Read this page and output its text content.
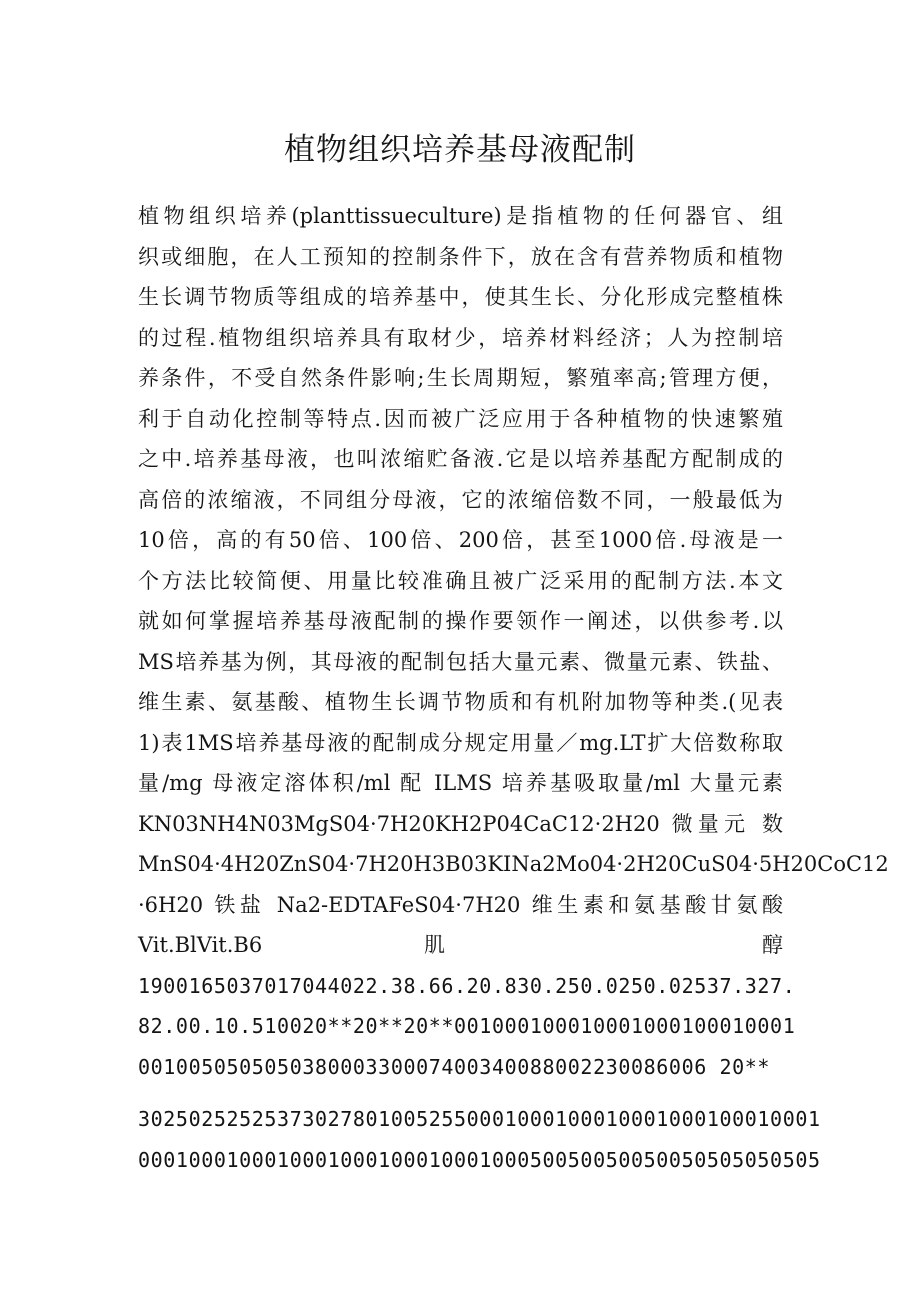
植物组织培养基母液配制
植物组织培养(planttissueculture)是指植物的任何器官、组
织或细胞，在人工预知的控制条件下，放在含有营养物质和植物
生长调节物质等组成的培养基中，使其生长、分化形成完整植株
的过程.植物组织培养具有取材少，培养材料经济；人为控制培
养条件，不受自然条件影响;生长周期短，繁殖率高;管理方便，
利于自动化控制等特点.因而被广泛应用于各种植物的快速繁殖
之中.培养基母液，也叫浓缩贮备液.它是以培养基配方配制成的
高倍的浓缩液，不同组分母液，它的浓缩倍数不同，一般最低为
10倍，高的有50倍、100倍、200倍，甚至1000倍.母液是一
个方法比较简便、用量比较准确且被广泛采用的配制方法.本文
就如何掌握培养基母液配制的操作要领作一阐述，以供参考.以
MS培养基为例，其母液的配制包括大量元素、微量元素、铁盐、
维生素、氨基酸、植物生长调节物质和有机附加物等种类.(见表
1)表1MS培养基母液的配制成分规定用量／mg.LT扩大倍数称取
量/mg 母液定溶体积/ml 配 ILMS 培养基吸取量/ml 大量元素
KN03NH4N03MgS04·7H20KH2P04CaC12·2H20 微量元 数
MnS04·4H20ZnS04·7H20H3B03KINa2Mo04·2H20CuS04·5H20CoC12
·6H20 铁盐 Na2-EDTAFeS04·7H20 维生素和氨基酸甘氨酸
Vit.BlVit.B6 肌 醇
1900165037017044022.38.66.20.830.250.0250.02537.327.
82.00.10.510020**20**20**001000100010001000100010001
001005050505038000330007400340088002230086006 20**
302502525253730278010052550001000100010001000100010001
000100010001000100010001000100050050050050050505050505
